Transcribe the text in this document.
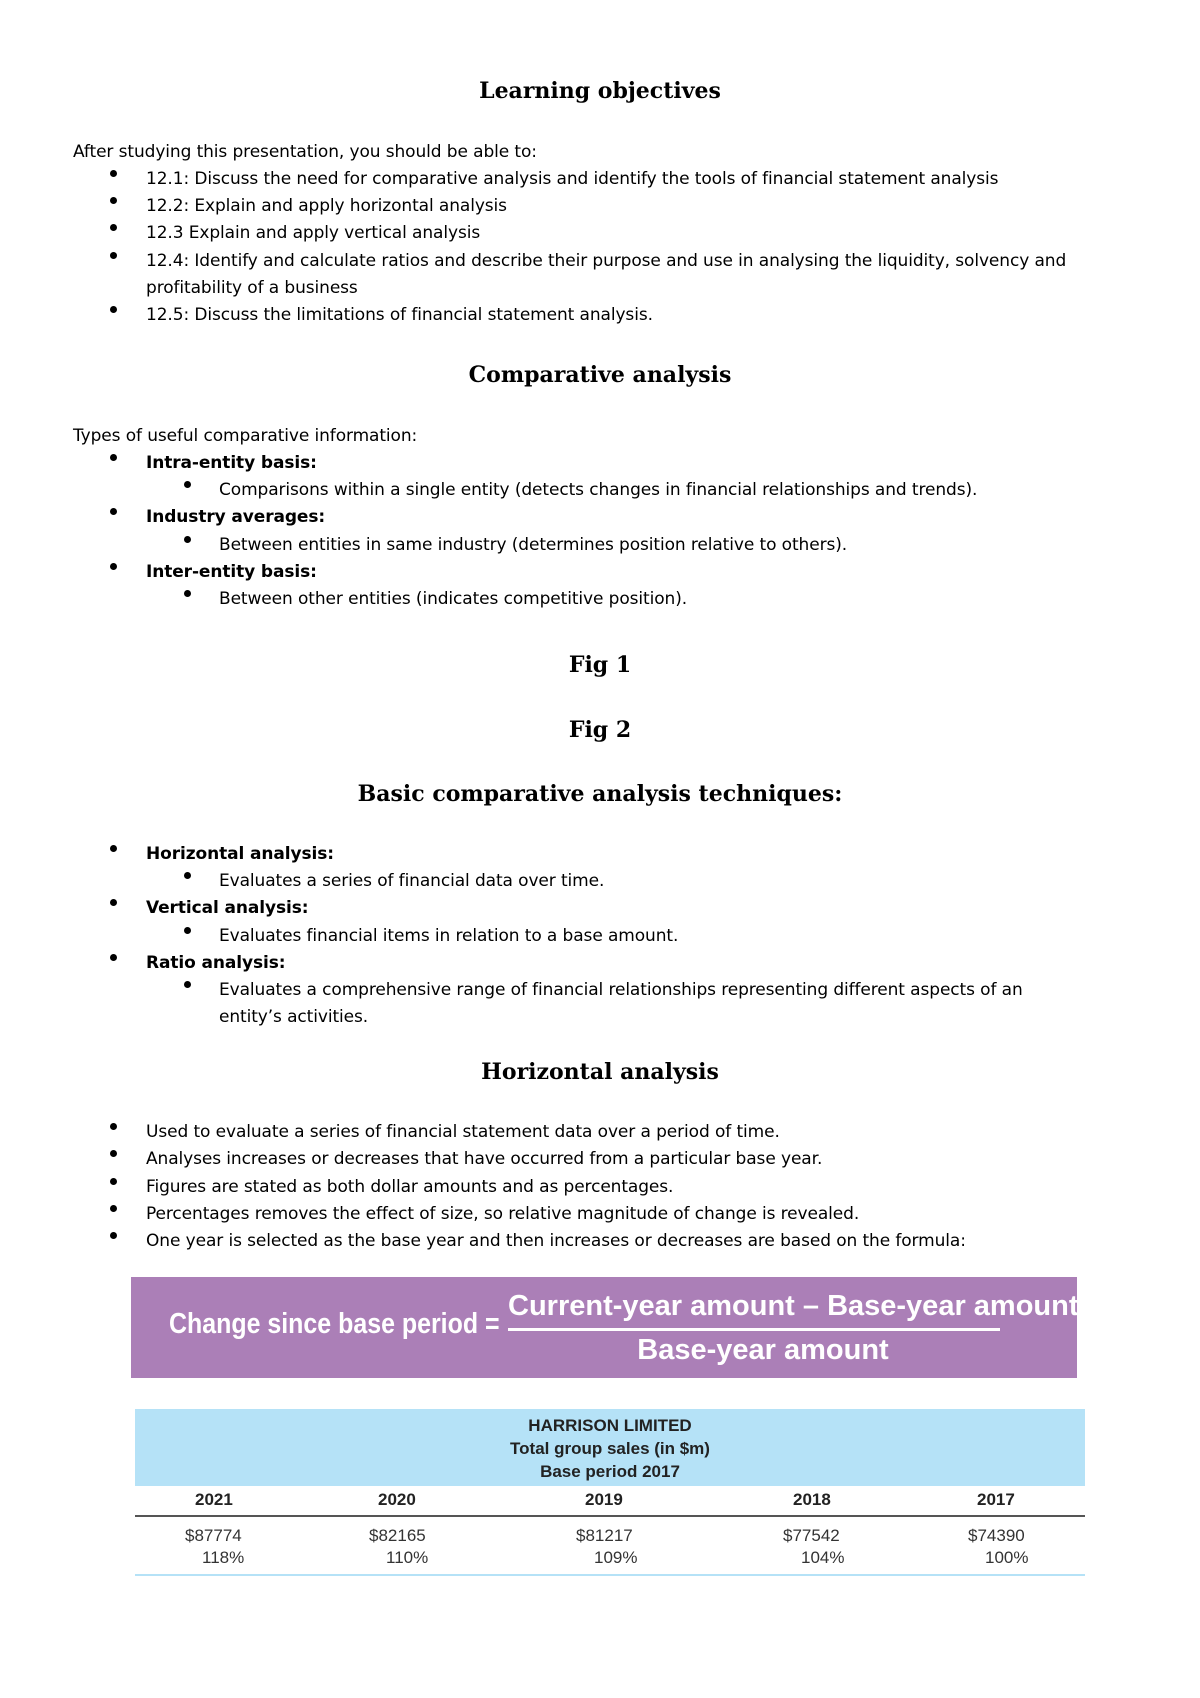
Learning objectives
After studying this presentation, you should be able to:
12.1: Discuss the need for comparative analysis and identify the tools of financial statement analysis
12.2: Explain and apply horizontal analysis
12.3 Explain and apply vertical analysis
12.4: Identify and calculate ratios and describe their purpose and use in analysing the liquidity, solvency and
profitability of a business
12.5: Discuss the limitations of financial statement analysis.
Comparative analysis
Types of useful comparative information:
Intra-entity basis:
Comparisons within a single entity (detects changes in financial relationships and trends).
Industry averages:
Between entities in same industry (determines position relative to others).
Inter-entity basis:
Between other entities (indicates competitive position).
Fig 1
Fig 2
Basic comparative analysis techniques:
Horizontal analysis:
Evaluates a series of financial data over time.
Vertical analysis:
Evaluates financial items in relation to a base amount.
Ratio analysis:
Evaluates a comprehensive range of financial relationships representing different aspects of an
entity’s activities.
Horizontal analysis
Used to evaluate a series of financial statement data over a period of time.
Analyses increases or decreases that have occurred from a particular base year.
Figures are stated as both dollar amounts and as percentages.
Percentages removes the effect of size, so relative magnitude of change is revealed.
One year is selected as the base year and then increases or decreases are based on the formula:
Change since base period =
Current-year amount – Base-year amount
Base-year amount
HARRISON LIMITED
Total group sales (in $m)
Base period 2017
2021	2020	2019	2018	2017
$87774	$82165	$81217	$77542	$74390
118%	110%	109%	104%	100%
